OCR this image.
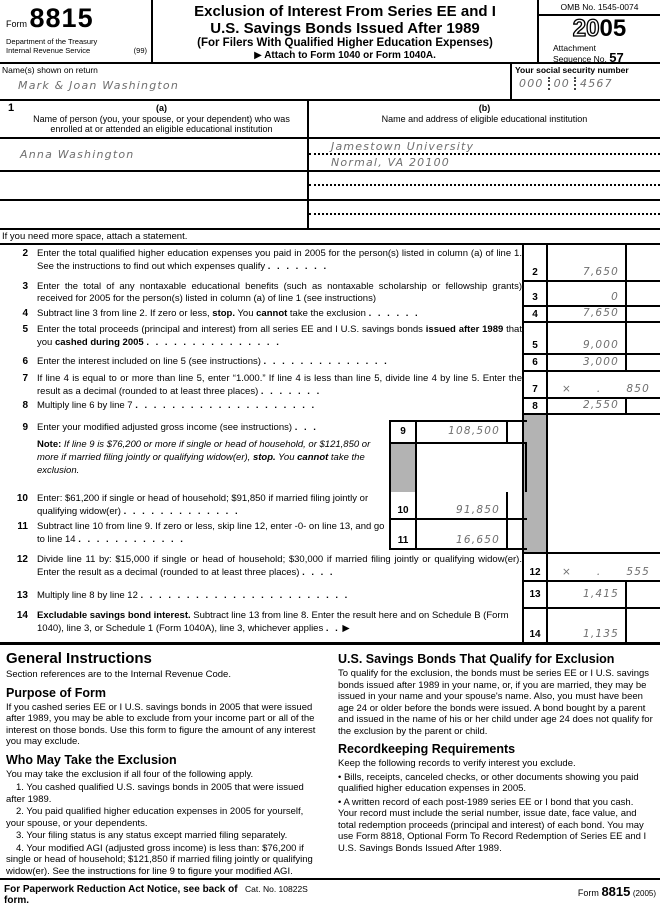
Form 8815
Department of the Treasury
Internal Revenue Service	(99)
Exclusion of Interest From Series EE and I
U.S. Savings Bonds Issued After 1989
(For Filers With Qualified Higher Education Expenses)
▶ Attach to Form 1040 or Form 1040A.
OMB No. 1545-0074
2005
Attachment
Sequence No. 57
Name(s) shown on return
Mark & Joan Washington
Your social security number
000 00 4567
1	(a)
Name of person (you, your spouse, or your dependent) who was enrolled at or attended an eligible educational institution
(b)
Name and address of eligible educational institution
Anna Washington
Jamestown University
Normal, VA 20100
If you need more space, attach a statement.
2 Enter the total qualified higher education expenses you paid in 2005 for the person(s) listed in column (a) of line 1. See the instructions to find out which expenses qualify . . . . . . .
3 Enter the total of any nontaxable educational benefits (such as nontaxable scholarship or fellowship grants) received for 2005 for the person(s) listed in column (a) of line 1 (see instructions)
4 Subtract line 3 from line 2. If zero or less, stop. You cannot take the exclusion . . . . . .
5 Enter the total proceeds (principal and interest) from all series EE and I U.S. savings bonds issued after 1989 that you cashed during 2005 . . . . . . . . . . . . . . .
6 Enter the interest included on line 5 (see instructions) . . . . . . . . . . . . . .
7 If line 4 is equal to or more than line 5, enter “1.000.” If line 4 is less than line 5, divide line 4 by line 5. Enter the result as a decimal (rounded to at least three places) . . . . . . .
8 Multiply line 6 by line 7 . . . . . . . . . . . . . . . . . . . .
9 Enter your modified adjusted gross income (see instructions) . . .
Note: If line 9 is $76,200 or more if single or head of household, or $121,850 or more if married filing jointly or qualifying widow(er), stop. You cannot take the exclusion.
10 Enter: $61,200 if single or head of household; $91,850 if married filing jointly or qualifying widow(er) . . . . . . . . . . . . .
11 Subtract line 10 from line 9. If zero or less, skip line 12, enter -0- on line 13, and go to line 14 . . . . . . . . . . . .
12 Divide line 11 by: $15,000 if single or head of household; $30,000 if married filing jointly or qualifying widow(er). Enter the result as a decimal (rounded to at least three places) . . . .
13 Multiply line 8 by line 12 . . . . . . . . . . . . . . . . . . . . . . .
14 Excludable savings bond interest. Subtract line 13 from line 8. Enter the result here and on Schedule B (Form 1040), line 3, or Schedule 1 (Form 1040A), line 3, whichever applies . . ▶
2	7,650
3	0
4	7,650
5	9,000
6	3,000
7	× . 850
8	2,550
9	108,500
10	91,850
11	16,650
12	× . 555
13	1,415
14	1,135
General Instructions

Section references are to the Internal Revenue Code.

Purpose of Form

If you cashed series EE or I U.S. savings bonds in 2005 that were issued after 1989, you may be able to exclude from your income part or all of the interest on those bonds. Use this form to figure the amount of any interest you may exclude.

Who May Take the Exclusion

You may take the exclusion if all four of the following apply.

1. You cashed qualified U.S. savings bonds in 2005 that were issued after 1989.

2. You paid qualified higher education expenses in 2005 for yourself, your spouse, or your dependents.

3. Your filing status is any status except married filing separately.

4. Your modified AGI (adjusted gross income) is less than: $76,200 if single or head of household; $121,850 if married filing jointly or qualifying widow(er). See the instructions for line 9 to figure your modified AGI.

U.S. Savings Bonds That Qualify for Exclusion

To qualify for the exclusion, the bonds must be series EE or I U.S. savings bonds issued after 1989 in your name, or, if you are married, they may be issued in your name and your spouse's name. Also, you must have been age 24 or older before the bonds were issued. A bond bought by a parent and issued in the name of his or her child under age 24 does not qualify for the exclusion by the parent or child.

Recordkeeping Requirements

Keep the following records to verify interest you exclude.

• Bills, receipts, canceled checks, or other documents showing you paid qualified higher education expenses in 2005.

• A written record of each post-1989 series EE or I bond that you cash. Your record must include the serial number, issue date, face value, and total redemption proceeds (principal and interest) of each bond. You may use Form 8818, Optional Form To Record Redemption of Series EE and I U.S. Savings Bonds Issued After 1989.

For Paperwork Reduction Act Notice, see back of form.
Cat. No. 10822S	Form 8815 (2005)
